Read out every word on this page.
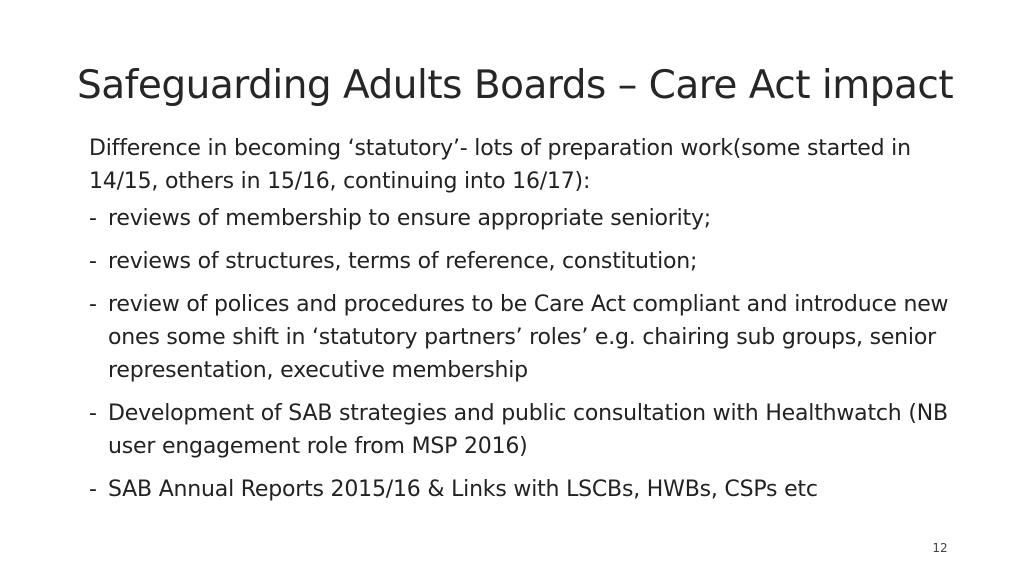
Safeguarding Adults Boards – Care Act impact

Difference in becoming ‘statutory’- lots of preparation work(some started in 14/15, others in 15/16, continuing into 16/17):

- reviews of membership to ensure appropriate seniority;
- reviews of structures, terms of reference, constitution;
- review of polices and procedures to be Care Act compliant and introduce new ones some shift in ‘statutory partners’ roles’ e.g. chairing sub groups, senior representation, executive membership
- Development of SAB strategies and public consultation with Healthwatch (NB user engagement role from MSP 2016)
- SAB Annual Reports 2015/16 & Links with LSCBs, HWBs, CSPs etc
12
